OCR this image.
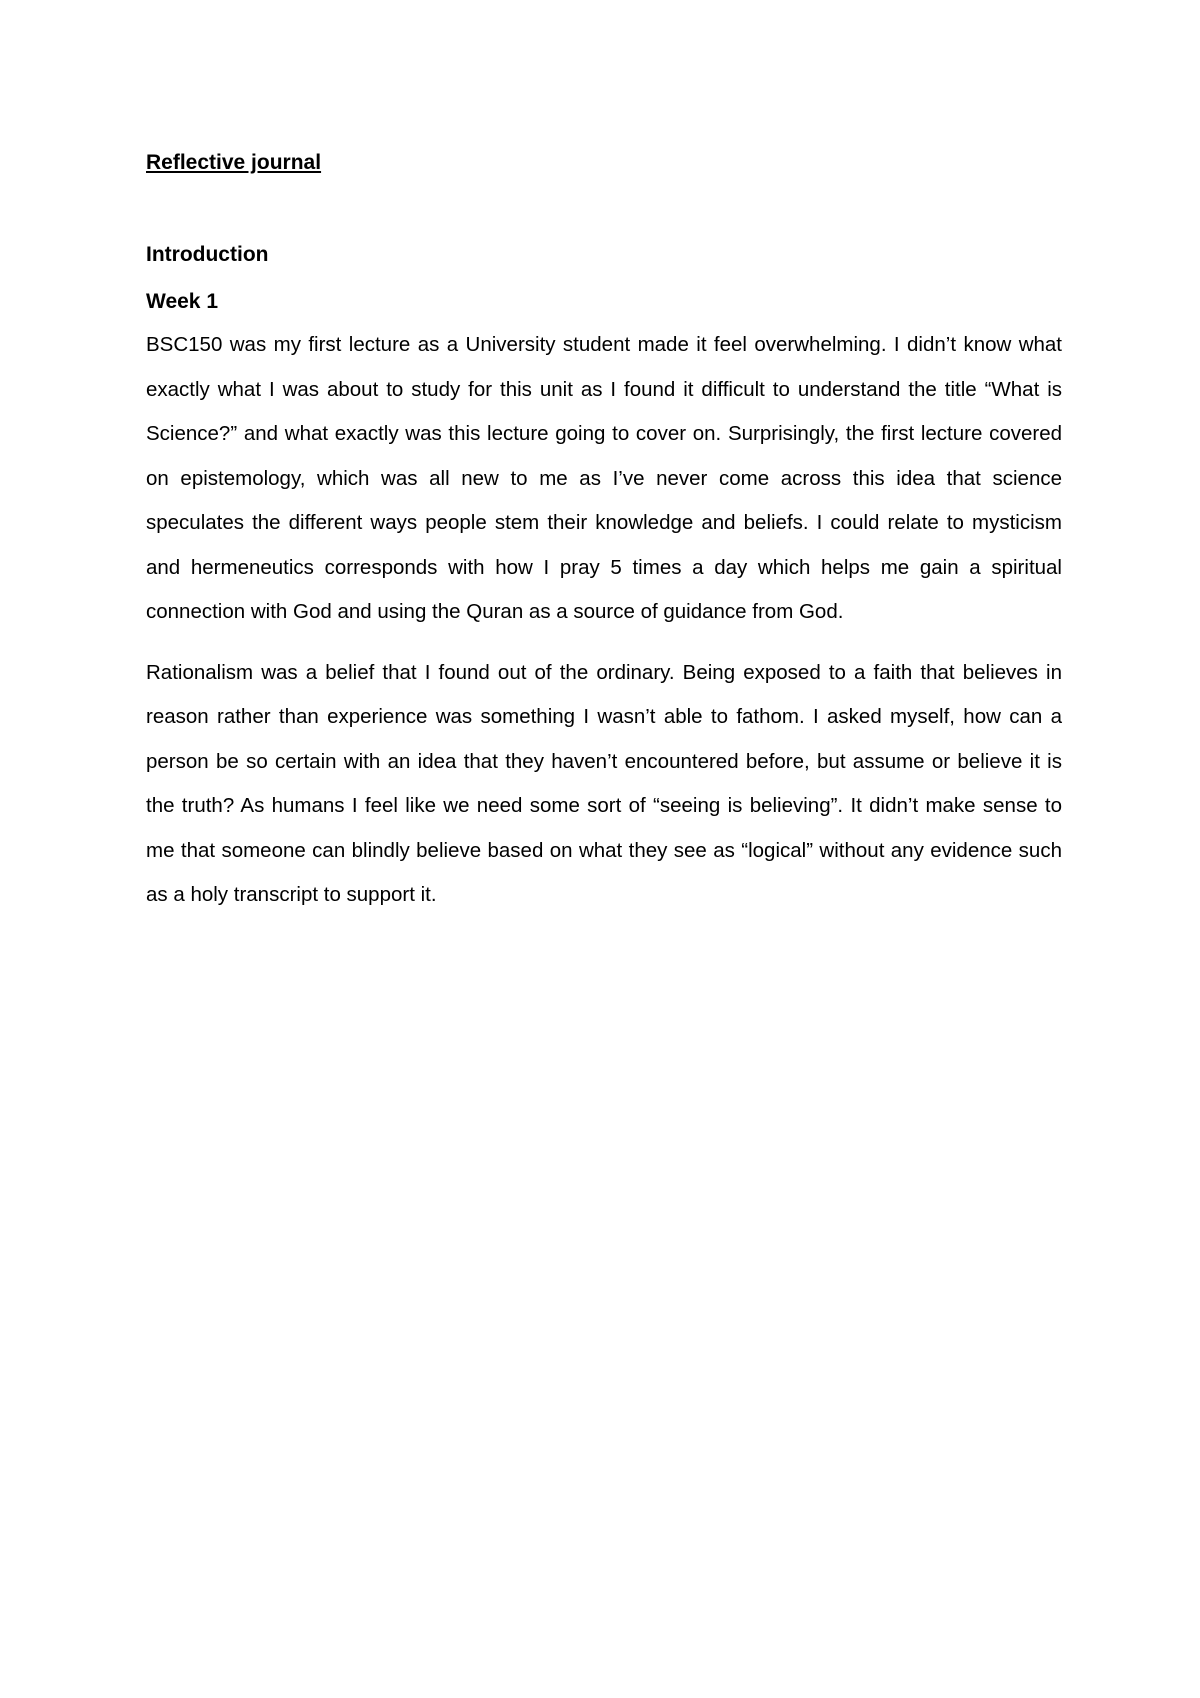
Reflective journal
Introduction
Week 1

BSC150 was my first lecture as a University student made it feel overwhelming. I didn’t know what exactly what I was about to study for this unit as I found it difficult to understand the title “What is Science?” and what exactly was this lecture going to cover on. Surprisingly, the first lecture covered on epistemology, which was all new to me as I’ve never come across this idea that science speculates the different ways people stem their knowledge and beliefs. I could relate to mysticism and hermeneutics corresponds with how I pray 5 times a day which helps me gain a spiritual connection with God and using the Quran as a source of guidance from God.

Rationalism was a belief that I found out of the ordinary. Being exposed to a faith that believes in reason rather than experience was something I wasn’t able to fathom. I asked myself, how can a person be so certain with an idea that they haven’t encountered before, but assume or believe it is the truth? As humans I feel like we need some sort of “seeing is believing”. It didn’t make sense to me that someone can blindly believe based on what they see as “logical” without any evidence such as a holy transcript to support it.
